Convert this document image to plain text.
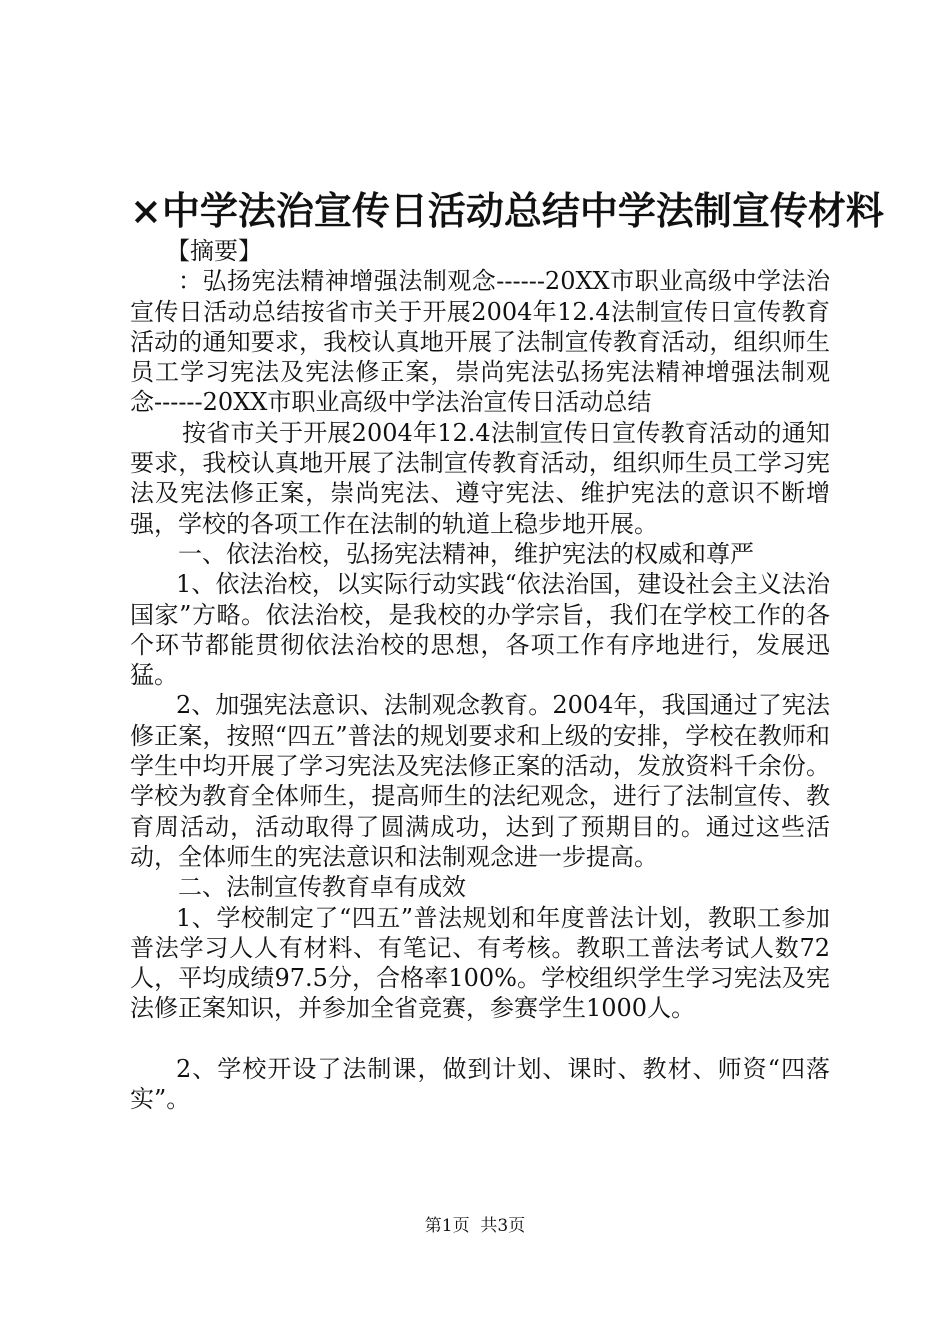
×中学法治宣传日活动总结中学法制宣传材料

【摘要】

：弘扬宪法精神增强法制观念------20XX市职业高级中学法治宣传日活动总结按省市关于开展2004年12.4法制宣传日宣传教育活动的通知要求，我校认真地开展了法制宣传教育活动，组织师生员工学习宪法及宪法修正案，崇尚宪法弘扬宪法精神增强法制观念------20XX市职业高级中学法治宣传日活动总结

按省市关于开展2004年12.4法制宣传日宣传教育活动的通知要求，我校认真地开展了法制宣传教育活动，组织师生员工学习宪法及宪法修正案，崇尚宪法、遵守宪法、维护宪法的意识不断增强，学校的各项工作在法制的轨道上稳步地开展。

一、依法治校，弘扬宪法精神，维护宪法的权威和尊严

1、依法治校，以实际行动实践“依法治国，建设社会主义法治国家”方略。依法治校，是我校的办学宗旨，我们在学校工作的各个环节都能贯彻依法治校的思想，各项工作有序地进行，发展迅猛。

2、加强宪法意识、法制观念教育。2004年，我国通过了宪法修正案，按照“四五”普法的规划要求和上级的安排，学校在教师和学生中均开展了学习宪法及宪法修正案的活动，发放资料千余份。学校为教育全体师生，提高师生的法纪观念，进行了法制宣传、教育周活动，活动取得了圆满成功，达到了预期目的。通过这些活动，全体师生的宪法意识和法制观念进一步提高。

二、法制宣传教育卓有成效

1、学校制定了“四五”普法规划和年度普法计划，教职工参加普法学习人人有材料、有笔记、有考核。教职工普法考试人数72人，平均成绩97.5分，合格率100%。学校组织学生学习宪法及宪法修正案知识，并参加全省竞赛，参赛学生1000人。

2、学校开设了法制课，做到计划、课时、教材、师资“四落实”。

第1页  共3页
